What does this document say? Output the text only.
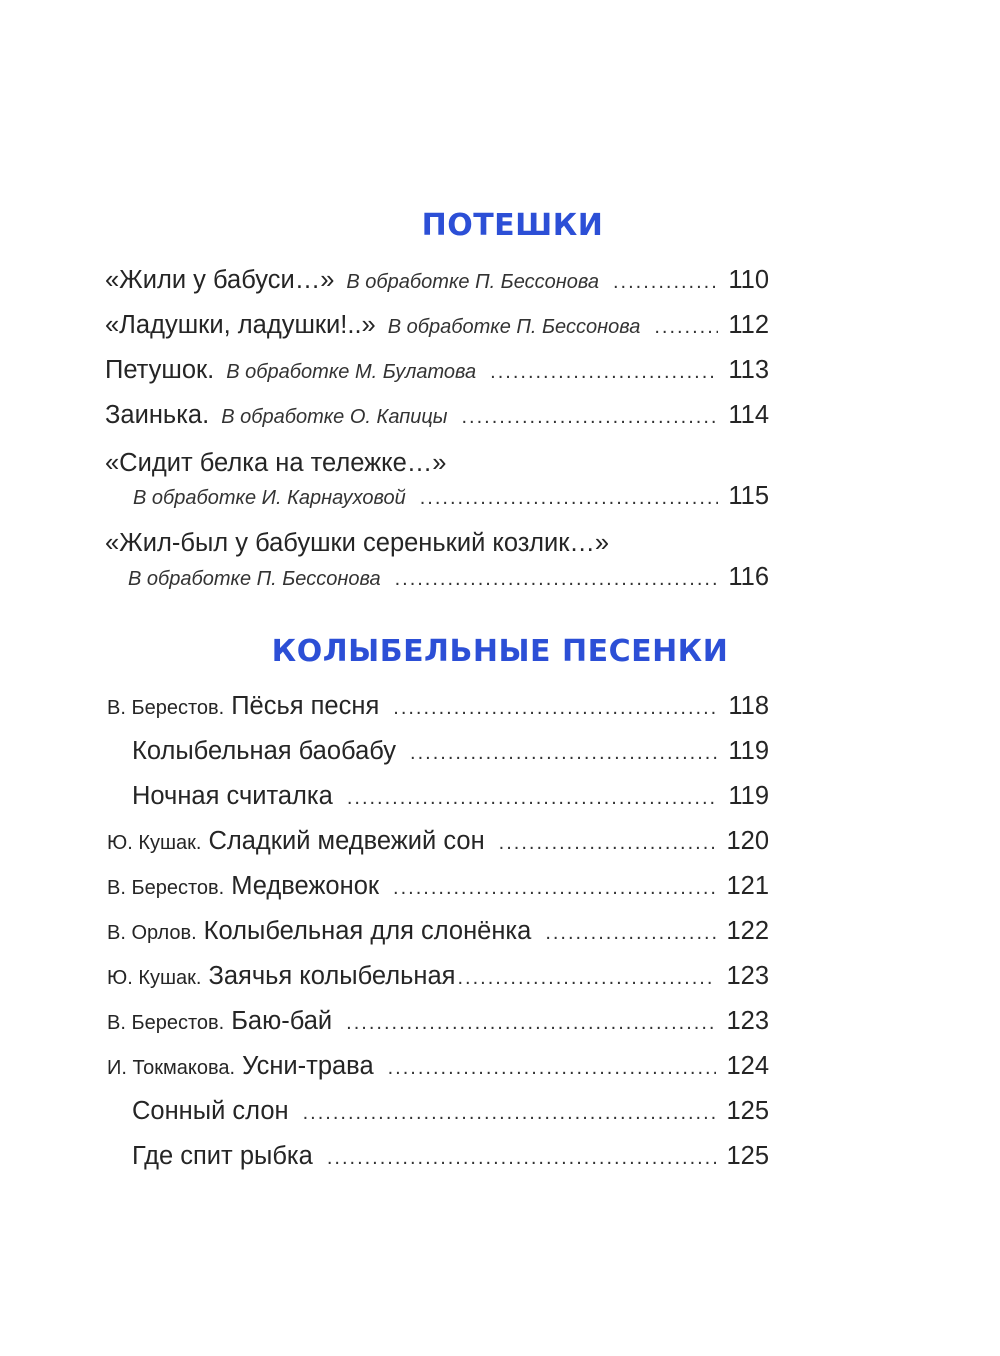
ПОТЕШКИ
«Жили у бабуси…» В обработке П. Бессонова .....	110
«Ладушки, ладушки!..» В обработке П. Бессонова .....	112
Петушок. В обработке М. Булатова .....	113
Заинька. В обработке О. Капицы .....	114
«Сидит белка на тележке…»
В обработке И. Карнауховой .....	115
«Жил-был у бабушки серенький козлик…»
В обработке П. Бессонова .....	116
КОЛЫБЕЛЬНЫЕ ПЕСЕНКИ
В. Берестов. Пёсья песня .....	118
Колыбельная баобабу .....	119
Ночная считалка .....	119
Ю. Кушак. Сладкий медвежий сон .....	120
В. Берестов. Медвежонок .....	121
В. Орлов. Колыбельная для слонёнка .....	122
Ю. Кушак. Заячья колыбельная .....	123
В. Берестов. Баю-бай .....	123
И. Токмакова. Усни-трава .....	124
Сонный слон .....	125
Где спит рыбка .....	125
